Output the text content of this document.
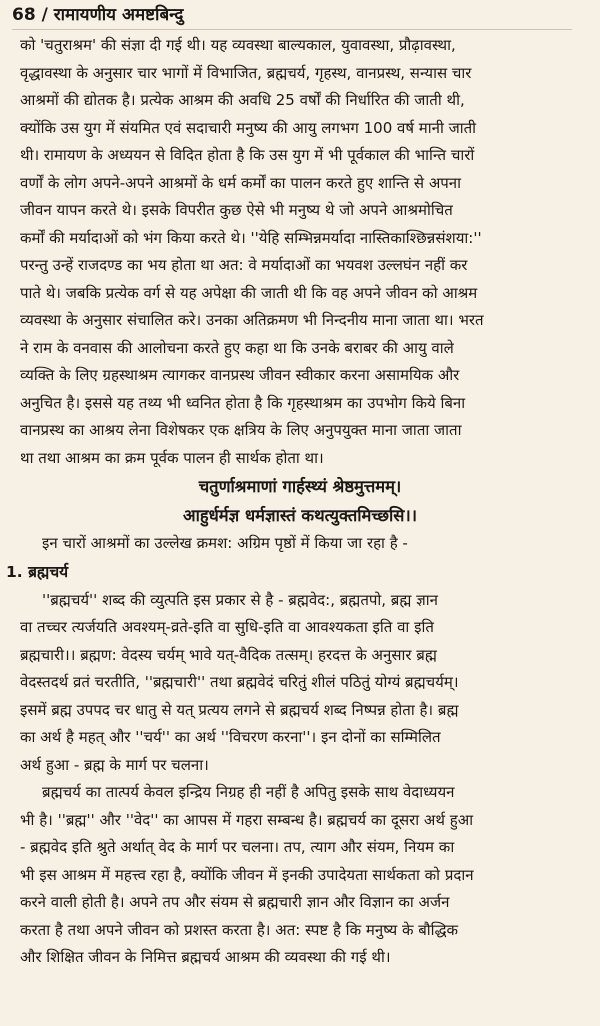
68 / रामायणीय अमष्टबिन्दु
को 'चतुराश्रम' की संज्ञा दी गई थी। यह व्यवस्था बाल्यकाल, युवावस्था, प्रौढ़ावस्था,
वृद्धावस्था के अनुसार चार भागों में विभाजित, ब्रह्मचर्य, गृहस्थ, वानप्रस्थ, सन्यास चार
आश्रमों की द्योतक है। प्रत्येक आश्रम की अवधि 25 वर्षों की निर्धारित की जाती थी,
क्योंकि उस युग में संयमित एवं सदाचारी मनुष्य की आयु लगभग 100 वर्ष मानी जाती
थी। रामायण के अध्ययन से विदित होता है कि उस युग में भी पूर्वकाल की भान्ति चारों
वर्णों के लोग अपने-अपने आश्रमों के धर्म कर्मों का पालन करते हुए शान्ति से अपना
जीवन यापन करते थे। इसके विपरीत कुछ ऐसे भी मनुष्य थे जो अपने आश्रमोचित
कर्मों की मर्यादाओं को भंग किया करते थे। ''येहि सम्भिन्नमर्यादा नास्तिकाश्छिन्नसंशया:''
परन्तु उन्हें राजदण्ड का भय होता था अत: वे मर्यादाओं का भयवश उल्लघंन नहीं कर
पाते थे। जबकि प्रत्येक वर्ग से यह अपेक्षा की जाती थी कि वह अपने जीवन को आश्रम
व्यवस्था के अनुसार संचालित करे। उनका अतिक्रमण भी निन्दनीय माना जाता था। भरत
ने राम के वनवास की आलोचना करते हुए कहा था कि उनके बराबर की आयु वाले
व्यक्ति के लिए ग्रहस्थाश्रम त्यागकर वानप्रस्थ जीवन स्वीकार करना असामयिक और
अनुचित है। इससे यह तथ्य भी ध्वनित होता है कि गृहस्थाश्रम का उपभोग किये बिना
वानप्रस्थ का आश्रय लेना विशेषकर एक क्षत्रिय के लिए अनुपयुक्त माना जाता जाता
था तथा आश्रम का क्रम पूर्वक पालन ही सार्थक होता था।
चतुर्णाश्रमाणां गार्हस्थ्यं श्रेष्ठमुत्तमम्।
आहुर्धर्मज्ञ धर्मज्ञास्तं कथत्युक्तमिच्छसि।।
इन चारों आश्रमों का उल्लेख क्रमश: अग्रिम पृष्ठों में किया जा रहा है -
1. ब्रह्मचर्य
''ब्रह्मचर्य'' शब्द की व्युत्पति इस प्रकार से है - ब्रह्मवेद:, ब्रह्मतपो, ब्रह्म ज्ञान
वा तच्चर त्यर्जयति अवश्यम्-व्रते-इति वा सुधि-इति वा आवश्यकता इति वा इति
ब्रह्मचारी।। ब्रह्मण: वेदस्य चर्यम् भावे यत्-वैदिक तत्सम्। हरदत्त के अनुसार ब्रह्म
वेदस्तदर्थ व्रतं चरतीति, ''ब्रह्मचारी'' तथा ब्रह्मवेदं चरितुं शीलं पठितुं योग्यं ब्रह्मचर्यम्।
इसमें ब्रह्म उपपद चर धातु से यत् प्रत्यय लगने से ब्रह्मचर्य शब्द निष्पन्न होता है। ब्रह्म
का अर्थ है महत् और ''चर्य'' का अर्थ ''विचरण करना''। इन दोनों का सम्मिलित
अर्थ हुआ - ब्रह्म के मार्ग पर चलना।
ब्रह्मचर्य का तात्पर्य केवल इन्द्रिय निग्रह ही नहीं है अपितु इसके साथ वेदाध्ययन
भी है। ''ब्रह्म'' और ''वेद'' का आपस में गहरा सम्बन्ध है। ब्रह्मचर्य का दूसरा अर्थ हुआ
- ब्रह्मवेद इति श्रुते अर्थात् वेद के मार्ग पर चलना। तप, त्याग और संयम, नियम का
भी इस आश्रम में महत्त्व रहा है, क्योंकि जीवन में इनकी उपादेयता सार्थकता को प्रदान
करने वाली होती है। अपने तप और संयम से ब्रह्मचारी ज्ञान और विज्ञान का अर्जन
करता है तथा अपने जीवन को प्रशस्त करता है। अत: स्पष्ट है कि मनुष्य के बौद्धिक
और शिक्षित जीवन के निमित्त ब्रह्मचर्य आश्रम की व्यवस्था की गई थी।
